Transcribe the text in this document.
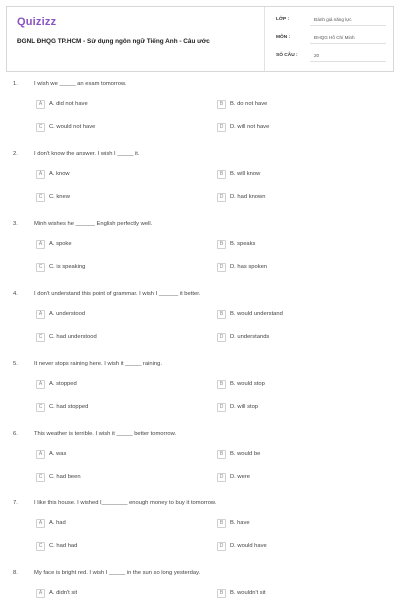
Quizizz
ĐGNL ĐHQG TP.HCM - Sử dụng ngôn ngữ Tiếng Anh - Câu ước
LỚP :	Đánh giá năng lực
MÔN :	ĐHQG Hồ Chí Minh
SỐ CÂU :	20
1.	I wish we _____ an exam tomorrow.
A	A. did not have	B	B. do not have
C	C. would not have	D	D. will not have
2.	I don't know the answer. I wish I _____ it.
A	A. know	B	B. will know
C	C. knew	D	D. had known
3.	Minh wishes he ______ English perfectly well.
A	A. spoke	B	B. speaks
C	C. is speaking	D	D. has spoken
4.	I don't understand this point of grammar. I wish I ______ it better.
A	A. understood	B	B. would understand
C	C. had understood	D	D. understands
5.	It never stops raining here. I wish it _____ raining.
A	A. stopped	B	B. would stop
C	C. had stopped	D	D. will stop
6.	This weather is terrible. I wish it _____ better tomorrow.
A	A. was	B	B. would be
C	C. had been	D	D. were
7.	I like this house. I wished I________ enough money to buy it tomorrow.
A	A. had	B	B. have
C	C. had had	D	D. would have
8.	My face is bright red. I wish I _____ in the sun so long yesterday.
A	A. didn't sit	B	B. wouldn't sit
